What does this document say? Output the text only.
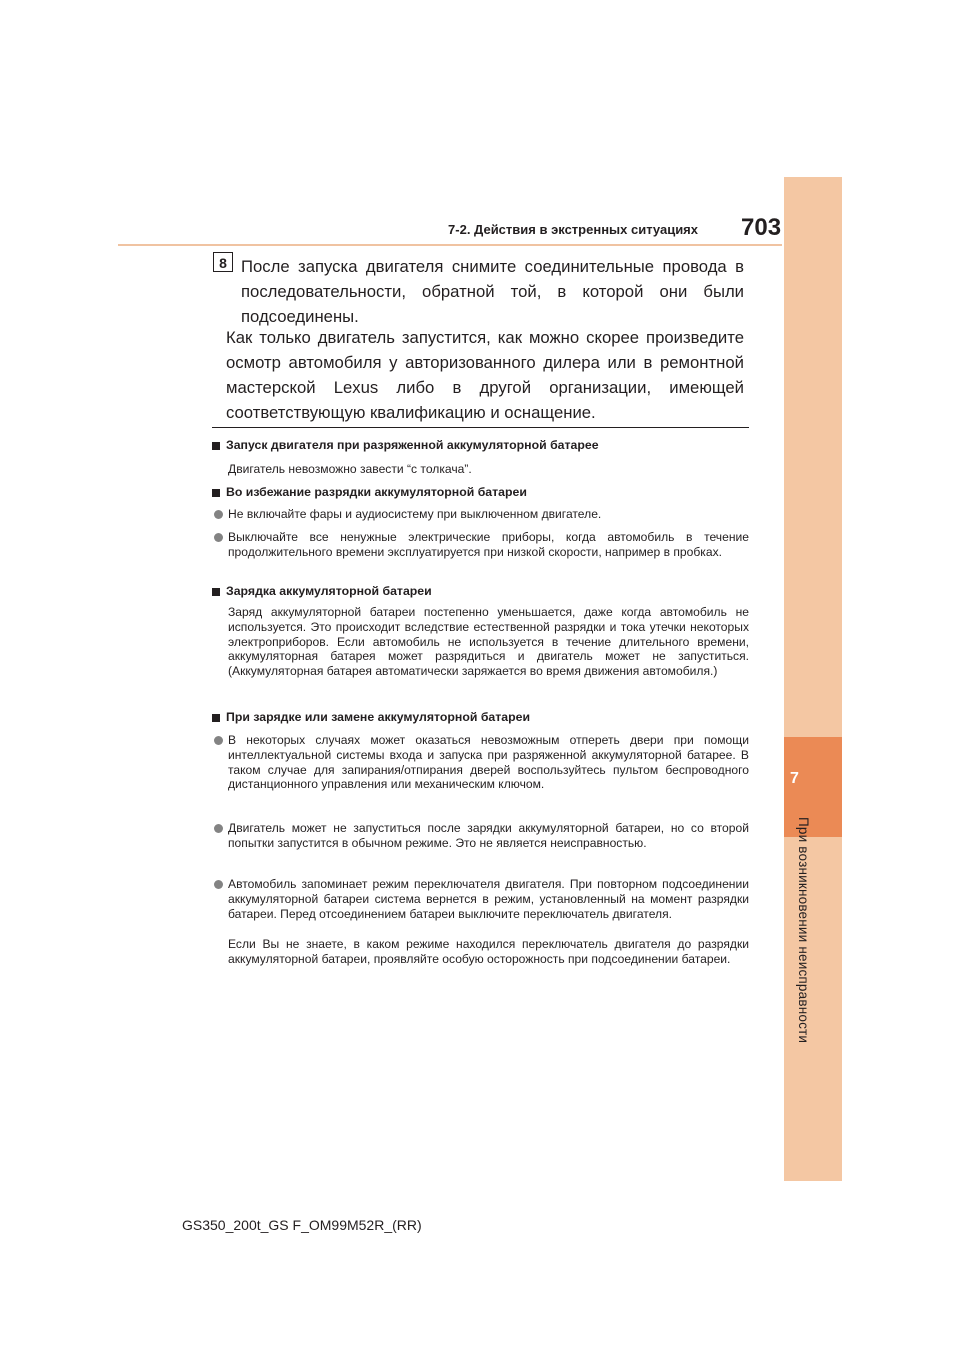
7
При возникновении неисправности
7-2. Действия в экстренных ситуациях 703
8 После запуска двигателя снимите соединительные провода в последовательности, обратной той, в которой они были подсоединены.
Как только двигатель запустится, как можно скорее произведите осмотр автомобиля у авторизованного дилера или в ремонтной мастерской Lexus либо в другой организации, имеющей соответствующую квалификацию и оснащение.
Запуск двигателя при разряженной аккумуляторной батарее
Двигатель невозможно завести “с толкача”.
Во избежание разрядки аккумуляторной батареи
Не включайте фары и аудиосистему при выключенном двигателе.
Выключайте все ненужные электрические приборы, когда автомобиль в течение продолжительного времени эксплуатируется при низкой скорости, например в пробках.
Зарядка аккумуляторной батареи
Заряд аккумуляторной батареи постепенно уменьшается, даже когда автомобиль не используется. Это происходит вследствие естественной разрядки и тока утечки некоторых электроприборов. Если автомобиль не используется в течение длительного времени, аккумуляторная батарея может разрядиться и двигатель может не запуститься. (Аккумуляторная батарея автоматически заряжается во время движения автомобиля.)
При зарядке или замене аккумуляторной батареи
В некоторых случаях может оказаться невозможным отпереть двери при помощи интеллектуальной системы входа и запуска при разряженной аккумуляторной батарее. В таком случае для запирания/отпирания дверей воспользуйтесь пультом беспроводного дистанционного управления или механическим ключом.
Двигатель может не запуститься после зарядки аккумуляторной батареи, но со второй попытки запустится в обычном режиме. Это не является неисправностью.
Автомобиль запоминает режим переключателя двигателя. При повторном подсоединении аккумуляторной батареи система вернется в режим, установленный на момент разрядки батареи. Перед отсоединением батареи выключите переключатель двигателя.
Если Вы не знаете, в каком режиме находился переключатель двигателя до разрядки аккумуляторной батареи, проявляйте особую осторожность при подсоединении батареи.
GS350_200t_GS F_OM99M52R_(RR)
